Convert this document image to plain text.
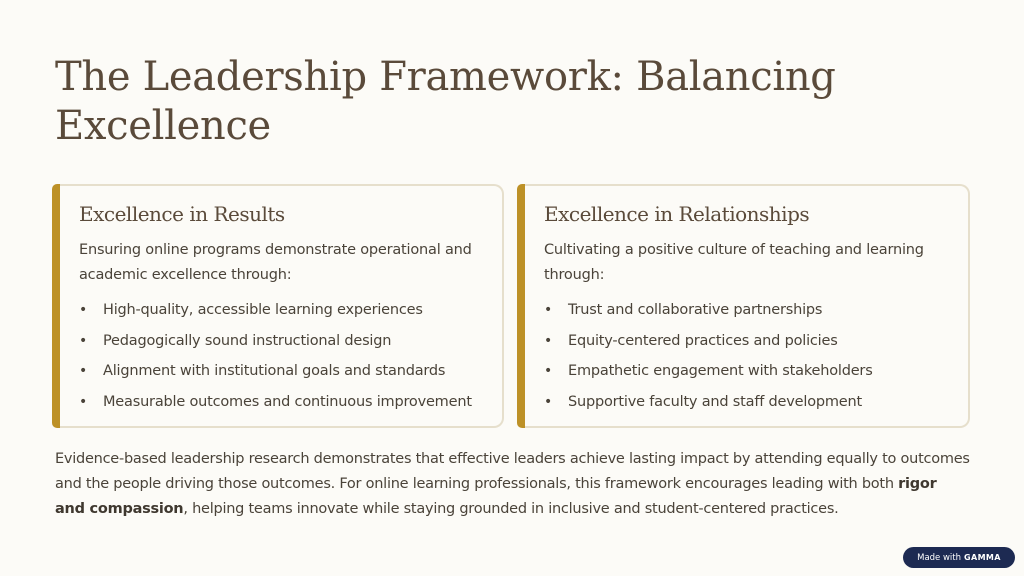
The Leadership Framework: Balancing Excellence
Excellence in Results

Ensuring online programs demonstrate operational and academic excellence through:

• High-quality, accessible learning experiences
• Pedagogically sound instructional design
• Alignment with institutional goals and standards
• Measurable outcomes and continuous improvement
Excellence in Relationships

Cultivating a positive culture of teaching and learning through:

• Trust and collaborative partnerships
• Equity-centered practices and policies
• Empathetic engagement with stakeholders
• Supportive faculty and staff development

Evidence-based leadership research demonstrates that effective leaders achieve lasting impact by attending equally to outcomes and the people driving those outcomes. For online learning professionals, this framework encourages leading with both rigor and compassion, helping teams innovate while staying grounded in inclusive and student-centered practices.

Made with GAMMA
